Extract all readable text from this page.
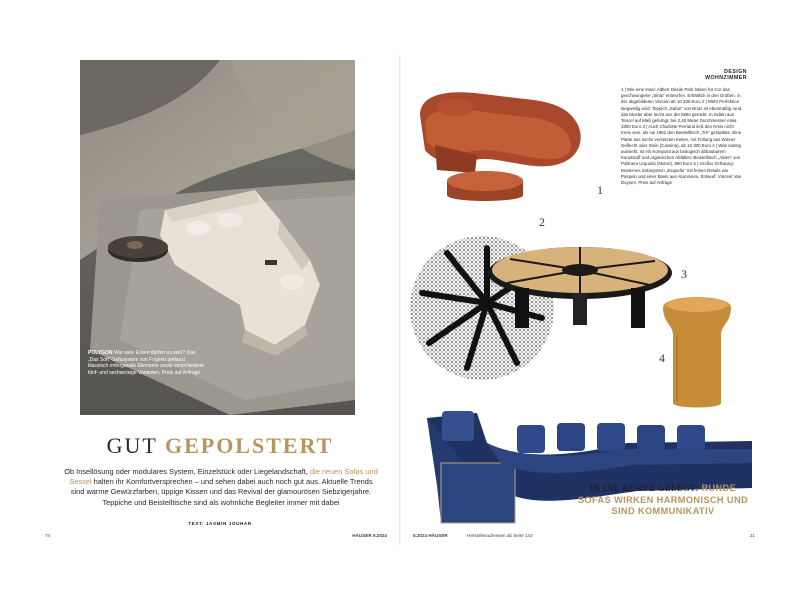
POLYGON Wie viele Ecken dürfen es sein? Das „Das Soft“-Sofasystem von Frigerio umfasst klassisch orthogonale Elemente sowie verschiedene fünf- und sechseckige Varianten, Preis auf Anfrage
GUT GEPOLSTERT
Ob Insellösung oder modulares System, Einzelstück oder Liegelandschaft, die neuen Sofas und Sessel halten ihr Komfortversprechen – und sehen dabei auch noch gut aus. Aktuelle Trends sind warme Gewürzfarben, üppige Kissen und das Revival der glamourösen Siebzigerjahre. Teppiche und Beistelltische sind als wohnliche Begleiter immer mit dabei
TEXT: JASMIN JOUHAR
74	HÄUSER 5.2024
DESIGN
WOHNZIMMER
1
1 | Wie eine Insel: Altherr Désile Park haben für Cor das geschwungene „Sinai“ entworfen. Erhältlich in drei Größen, in der abgebildeten Version ab 10 200 Euro 2 | Mehr Perfektion langweilig wird: Teppich „Safari“ von Brutz ist ebenmäßig rund, das Muster aber leicht aus der Mitte gerückt. In Indien aus Tencel auf Maß gefertigt, bei 2,40 Meter Durchmesser etwa 3300 Euro 3 | Auch Charlotte Perriand ließ den Kreis nicht Kreis sein, als sie 1962 den Beistelltisch „Trè“ gestaltete. Eine Platte aus sechs versetzten Keilen, mit Füllung aus Wiener Geflecht oder Stein (Cassina), ab 10 300 Euro 4 | Was samtig aussieht, ist ein Komposit aus biologisch abbaubarem Kunststoff und organischen Abfällen: Beistelltisch „Alden“ von Pollinera Urquiola (Mutori), 860 Euro 5 | Großer Schwung: Modernes Sofasystem „Esquello“ mit feinen Details wie Paspeln und einer Basis aus Aluminium, Entwurf: Vincent Van Duysen, Preis auf Anfrage
2
3
4
5	IN DIE KURVE GELEGT: RUNDE SOFAS WIRKEN HARMONISCH UND SIND KOMMUNIKATIV
5.2024 HÄUSER	Herstelleradressen ab Seite 143	21
